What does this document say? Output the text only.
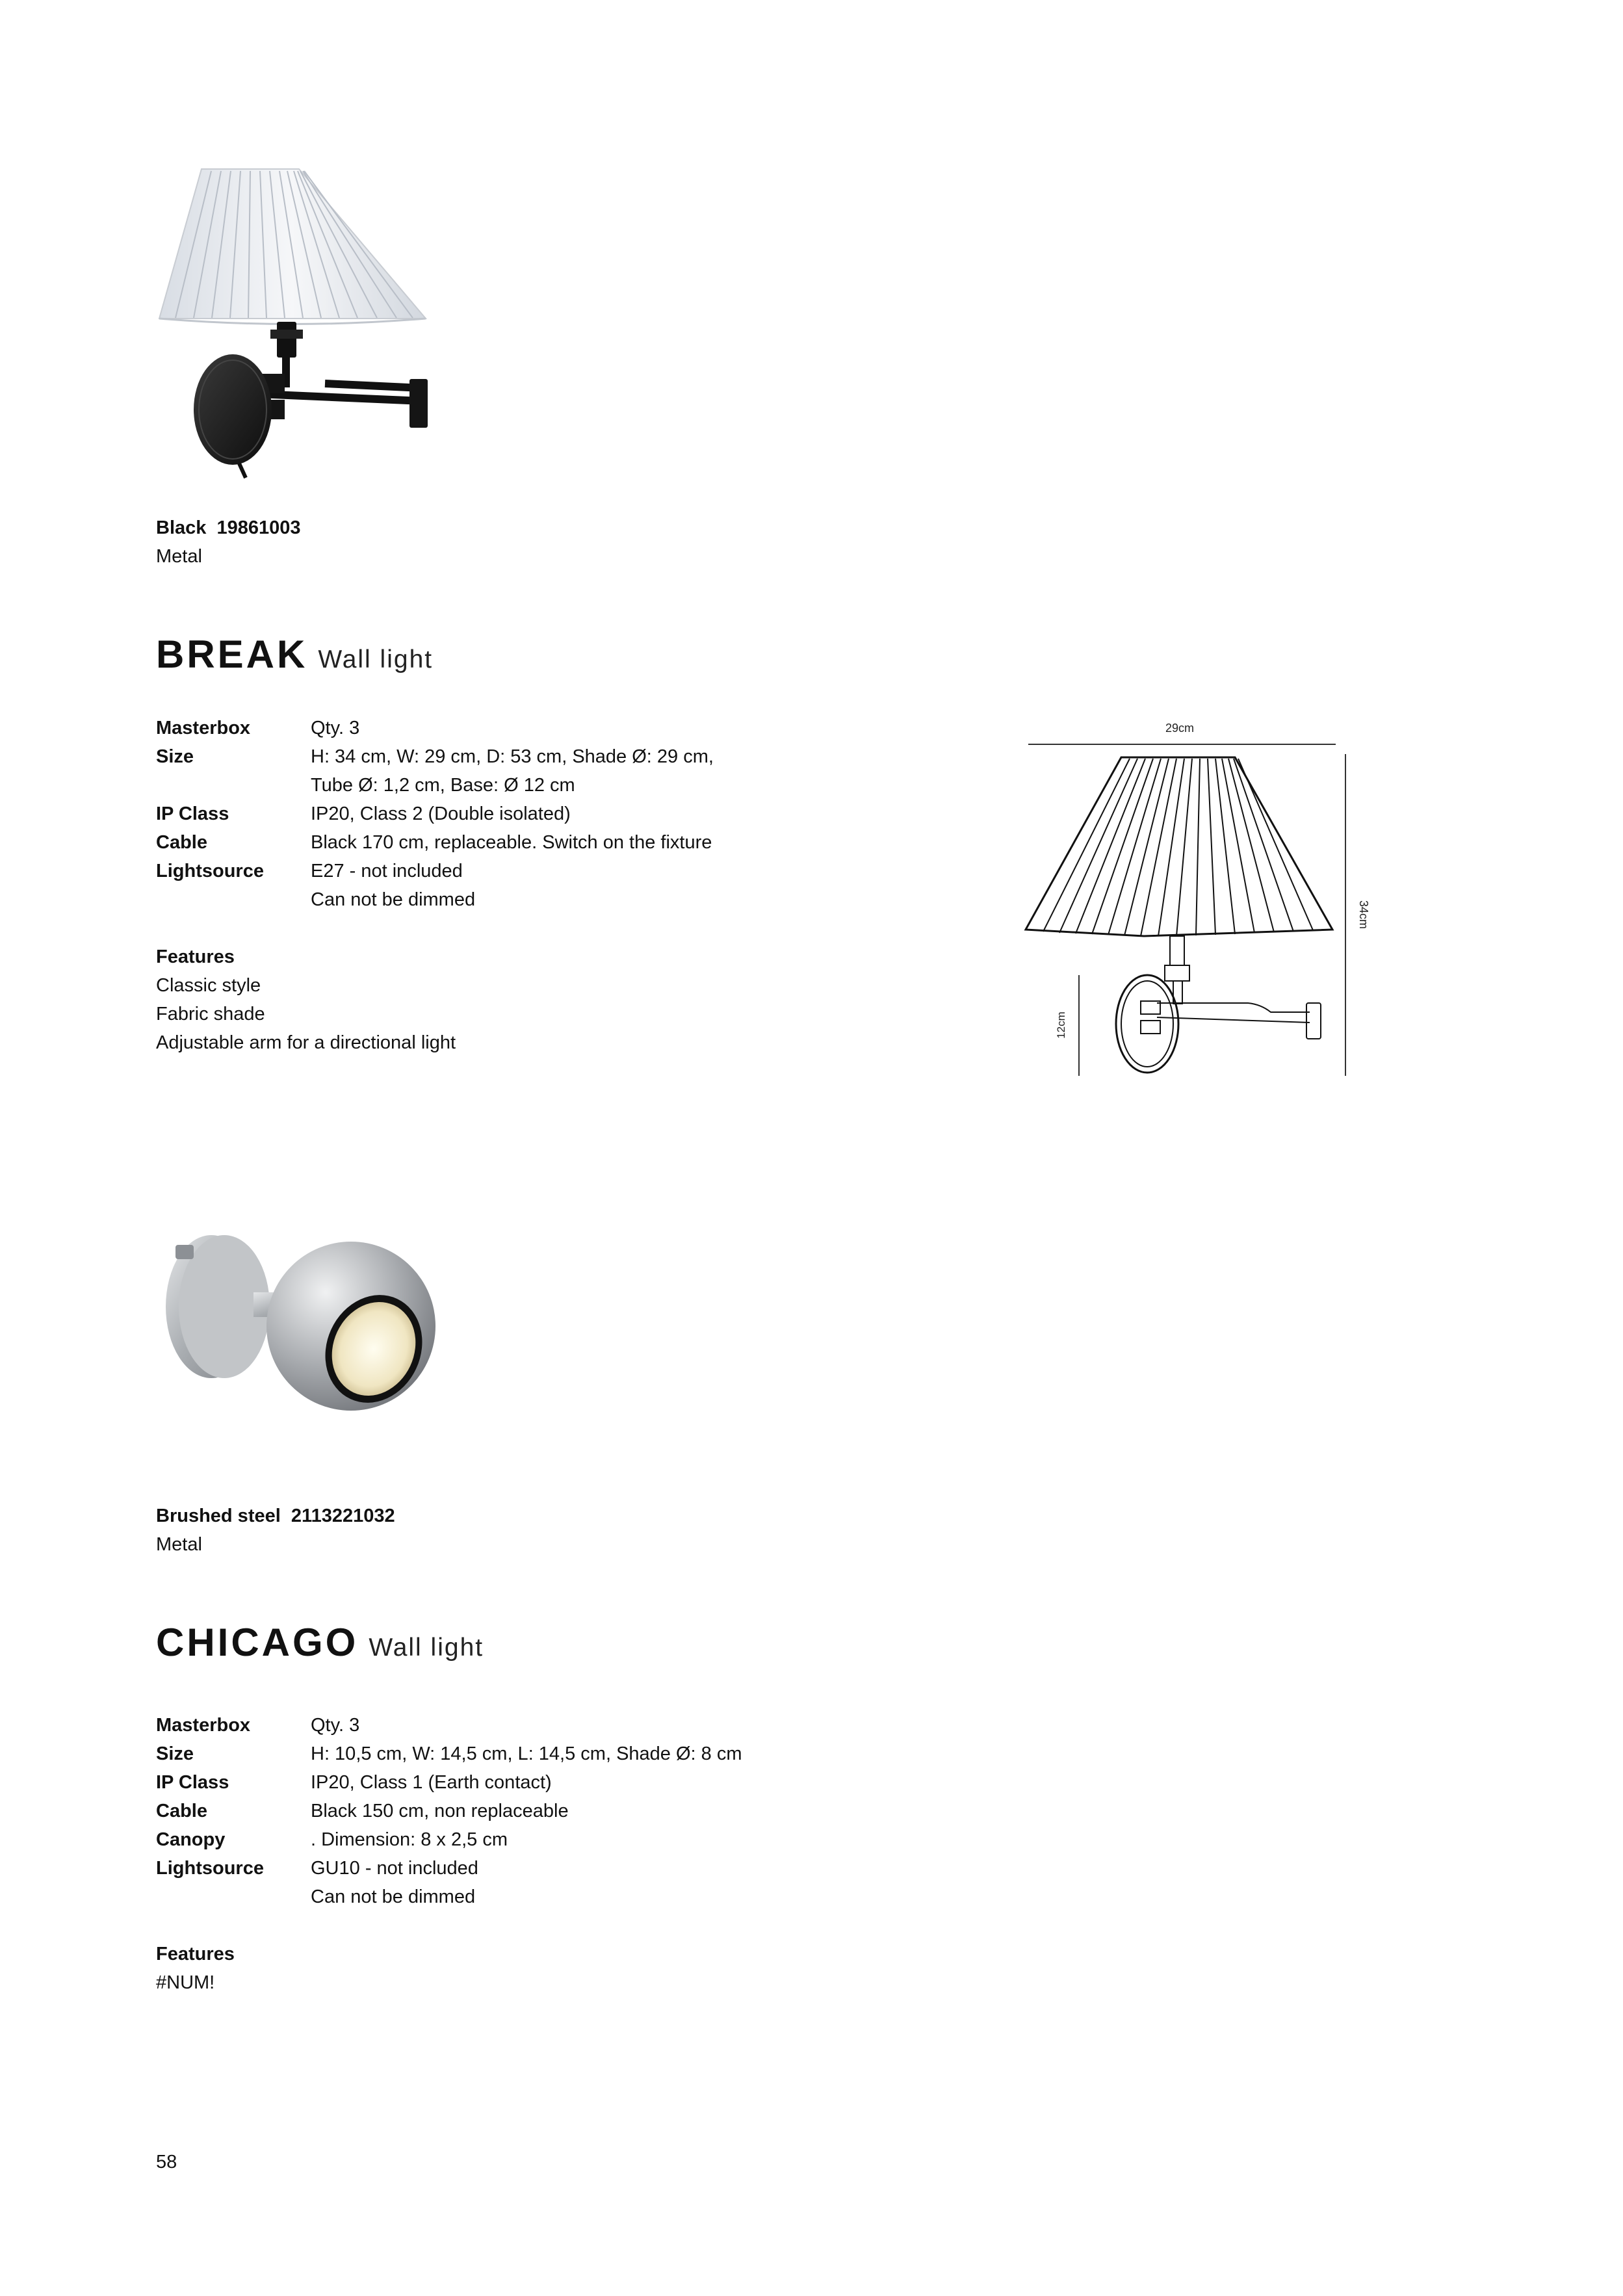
Black 19861003
Metal
BREAK Wall light
Masterbox	Qty. 3
Size	H: 34 cm, W: 29 cm, D: 53 cm, Shade Ø: 29 cm,
Tube Ø: 1,2 cm, Base: Ø 12 cm
IP Class	IP20, Class 2 (Double isolated)
Cable	Black 170 cm, replaceable. Switch on the fixture
Lightsource	E27 - not included
Can not be dimmed
Features
Classic style
Fabric shade
Adjustable arm for a directional light
29cm
34cm
12cm
Brushed steel 2113221032
Metal
CHICAGO Wall light
Masterbox	Qty. 3
Size	H: 10,5 cm, W: 14,5 cm, L: 14,5 cm, Shade Ø: 8 cm
IP Class	IP20, Class 1 (Earth contact)
Cable	Black 150 cm, non replaceable
Canopy	. Dimension: 8 x 2,5 cm
Lightsource	GU10 - not included
Can not be dimmed
Features
#NUM!
58
